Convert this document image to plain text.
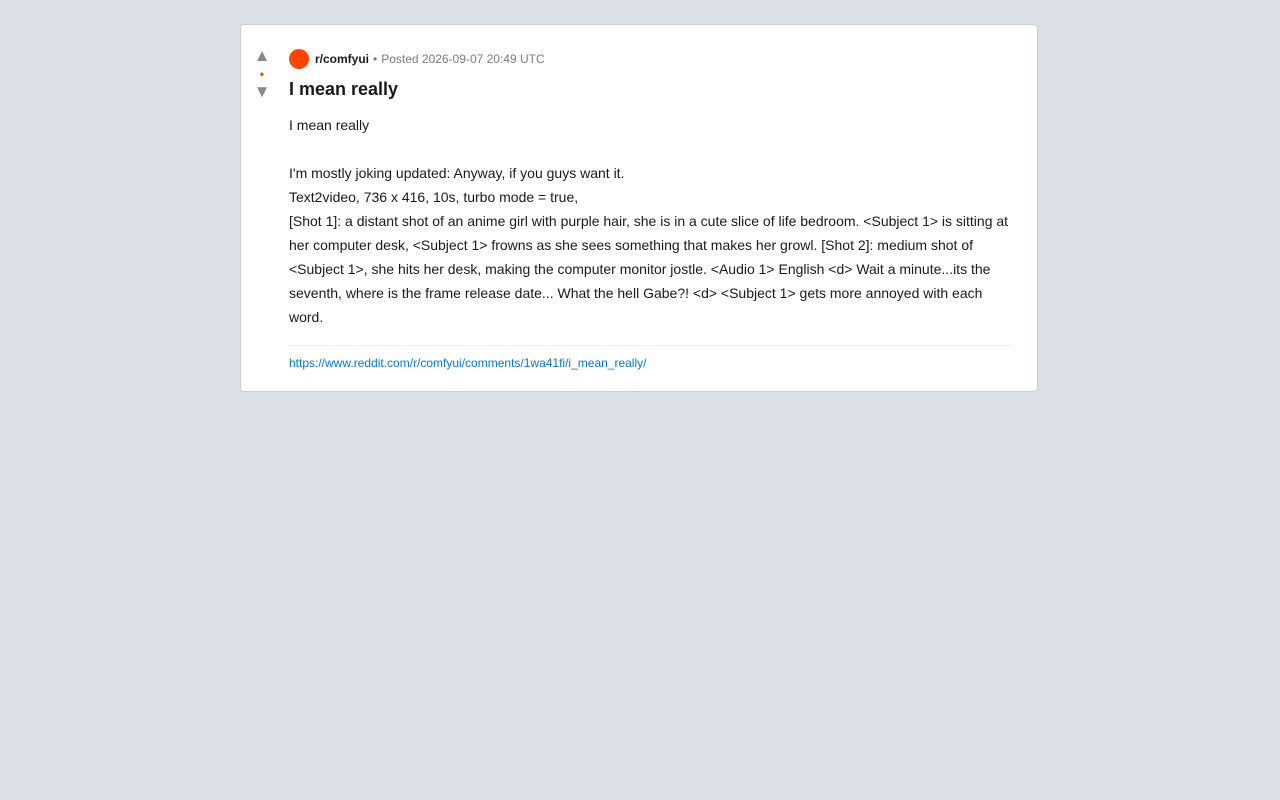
▲
•
▼
r/comfyui • Posted 2026-09-07 20:49 UTC
I mean really

I mean really

I'm mostly joking updated: Anyway, if you guys want it.

Text2video, 736 x 416, 10s, turbo mode = true,

[Shot 1]: a distant shot of an anime girl with purple hair, she is in a cute slice of life bedroom. <Subject 1> is sitting at her computer desk, <Subject 1> frowns as she sees something that makes her growl. [Shot 2]: medium shot of <Subject 1>, she hits her desk, making the computer monitor jostle. <Audio 1> English <d> Wait a minute...its the seventh, where is the frame release date... What the hell Gabe?! <d> <Subject 1> gets more annoyed with each word.

https://www.reddit.com/r/comfyui/comments/1wa41fi/i_mean_really/
